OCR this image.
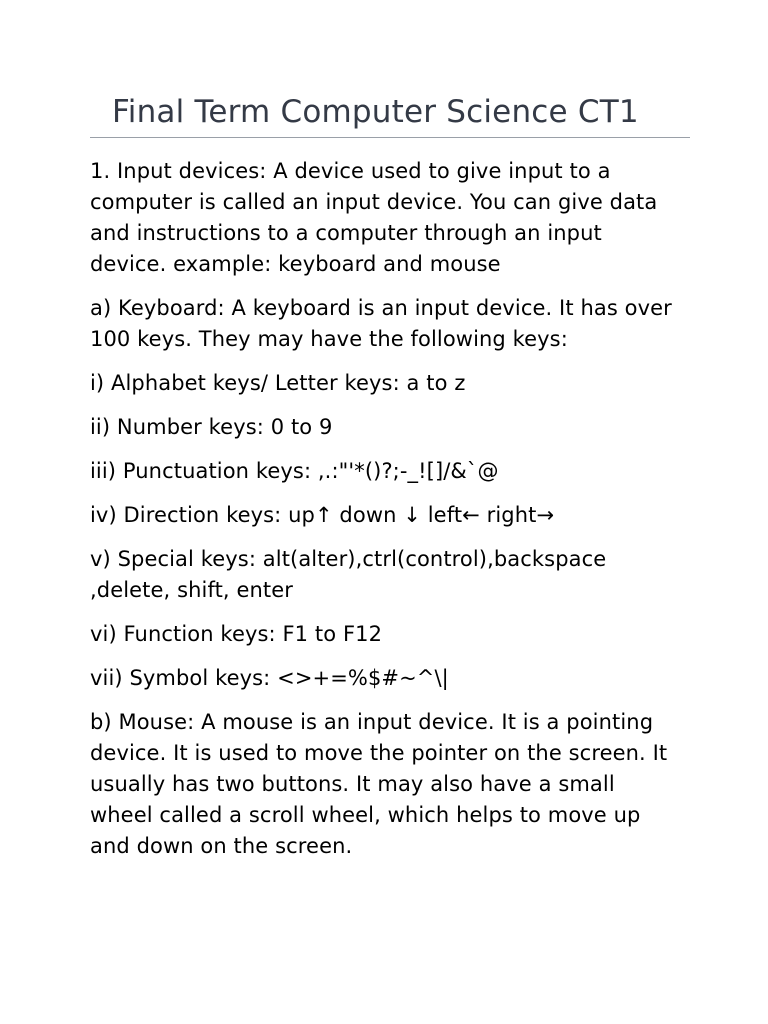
Final Term Computer Science CT1

1. Input devices: A device used to give input to a computer is called an input device. You can give data and instructions to a computer through an input device. example: keyboard and mouse

a) Keyboard: A keyboard is an input device. It has over 100 keys. They may have the following keys:

i) Alphabet keys/ Letter keys: a to z

ii) Number keys: 0 to 9

iii) Punctuation keys: ,.:"'*()?;-_![]/&`@

iv) Direction keys: up↑ down ↓ left← right→

v) Special keys: alt(alter),ctrl(control),backspace ,delete, shift, enter

vi) Function keys: F1 to F12

vii) Symbol keys: <>+=%$#~^\|

b) Mouse: A mouse is an input device. It is a pointing device. It is used to move the pointer on the screen. It usually has two buttons. It may also have a small wheel called a scroll wheel, which helps to move up and down on the screen.
